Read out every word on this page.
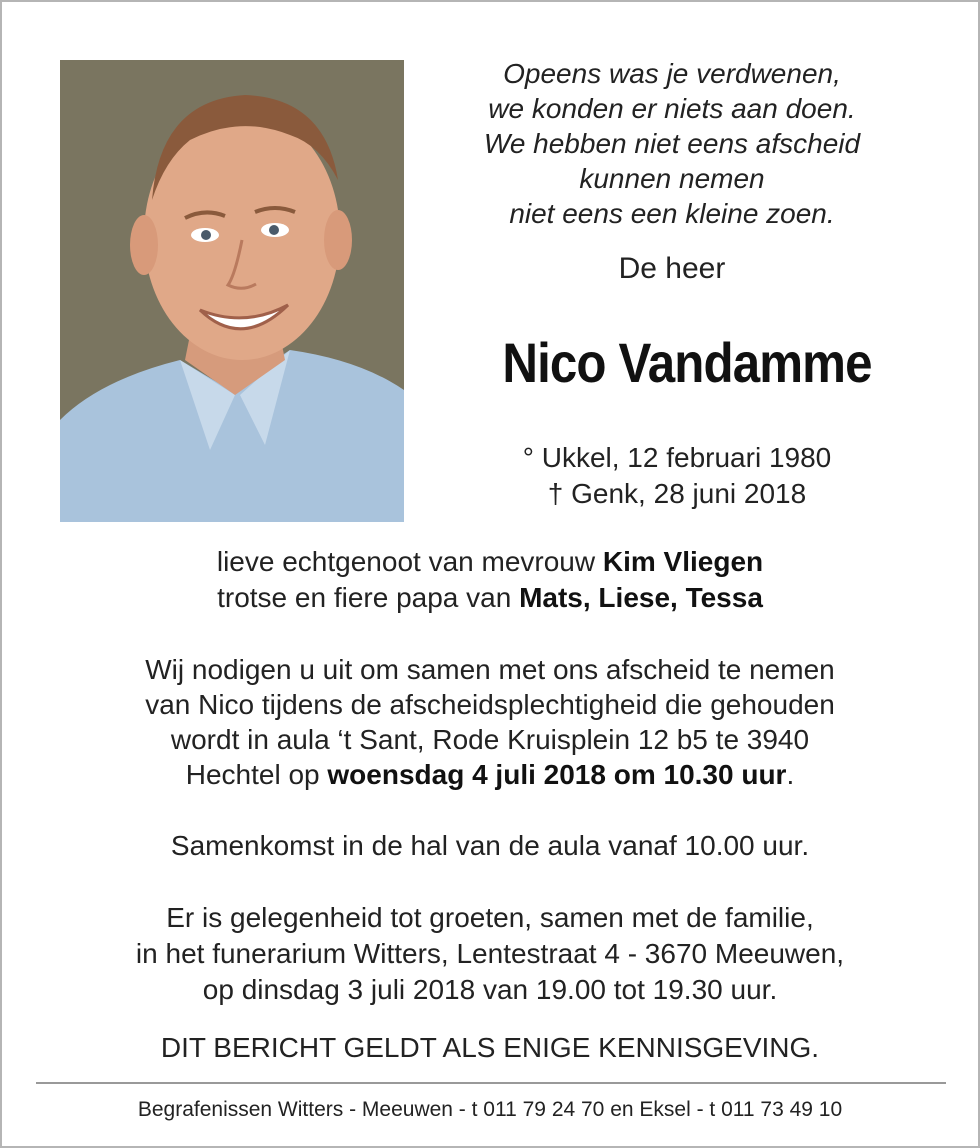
Opeens was je verdwenen,
we konden er niets aan doen.
We hebben niet eens afscheid
kunnen nemen
niet eens een kleine zoen.
De heer
Nico Vandamme
° Ukkel, 12 februari 1980
† Genk, 28 juni 2018
lieve echtgenoot van mevrouw Kim Vliegen
trotse en fiere papa van Mats, Liese, Tessa
Wij nodigen u uit om samen met ons afscheid te nemen
van Nico tijdens de afscheidsplechtigheid die gehouden
wordt in aula ‘t Sant, Rode Kruisplein 12 b5 te 3940
Hechtel op woensdag 4 juli 2018 om 10.30 uur.
Samenkomst in de hal van de aula vanaf 10.00 uur.
Er is gelegenheid tot groeten, samen met de familie,
in het funerarium Witters, Lentestraat 4 - 3670 Meeuwen,
op dinsdag 3 juli 2018 van 19.00 tot 19.30 uur.
DIT BERICHT GELDT ALS ENIGE KENNISGEVING.
Begrafenissen Witters - Meeuwen - t 011 79 24 70 en Eksel - t 011 73 49 10
